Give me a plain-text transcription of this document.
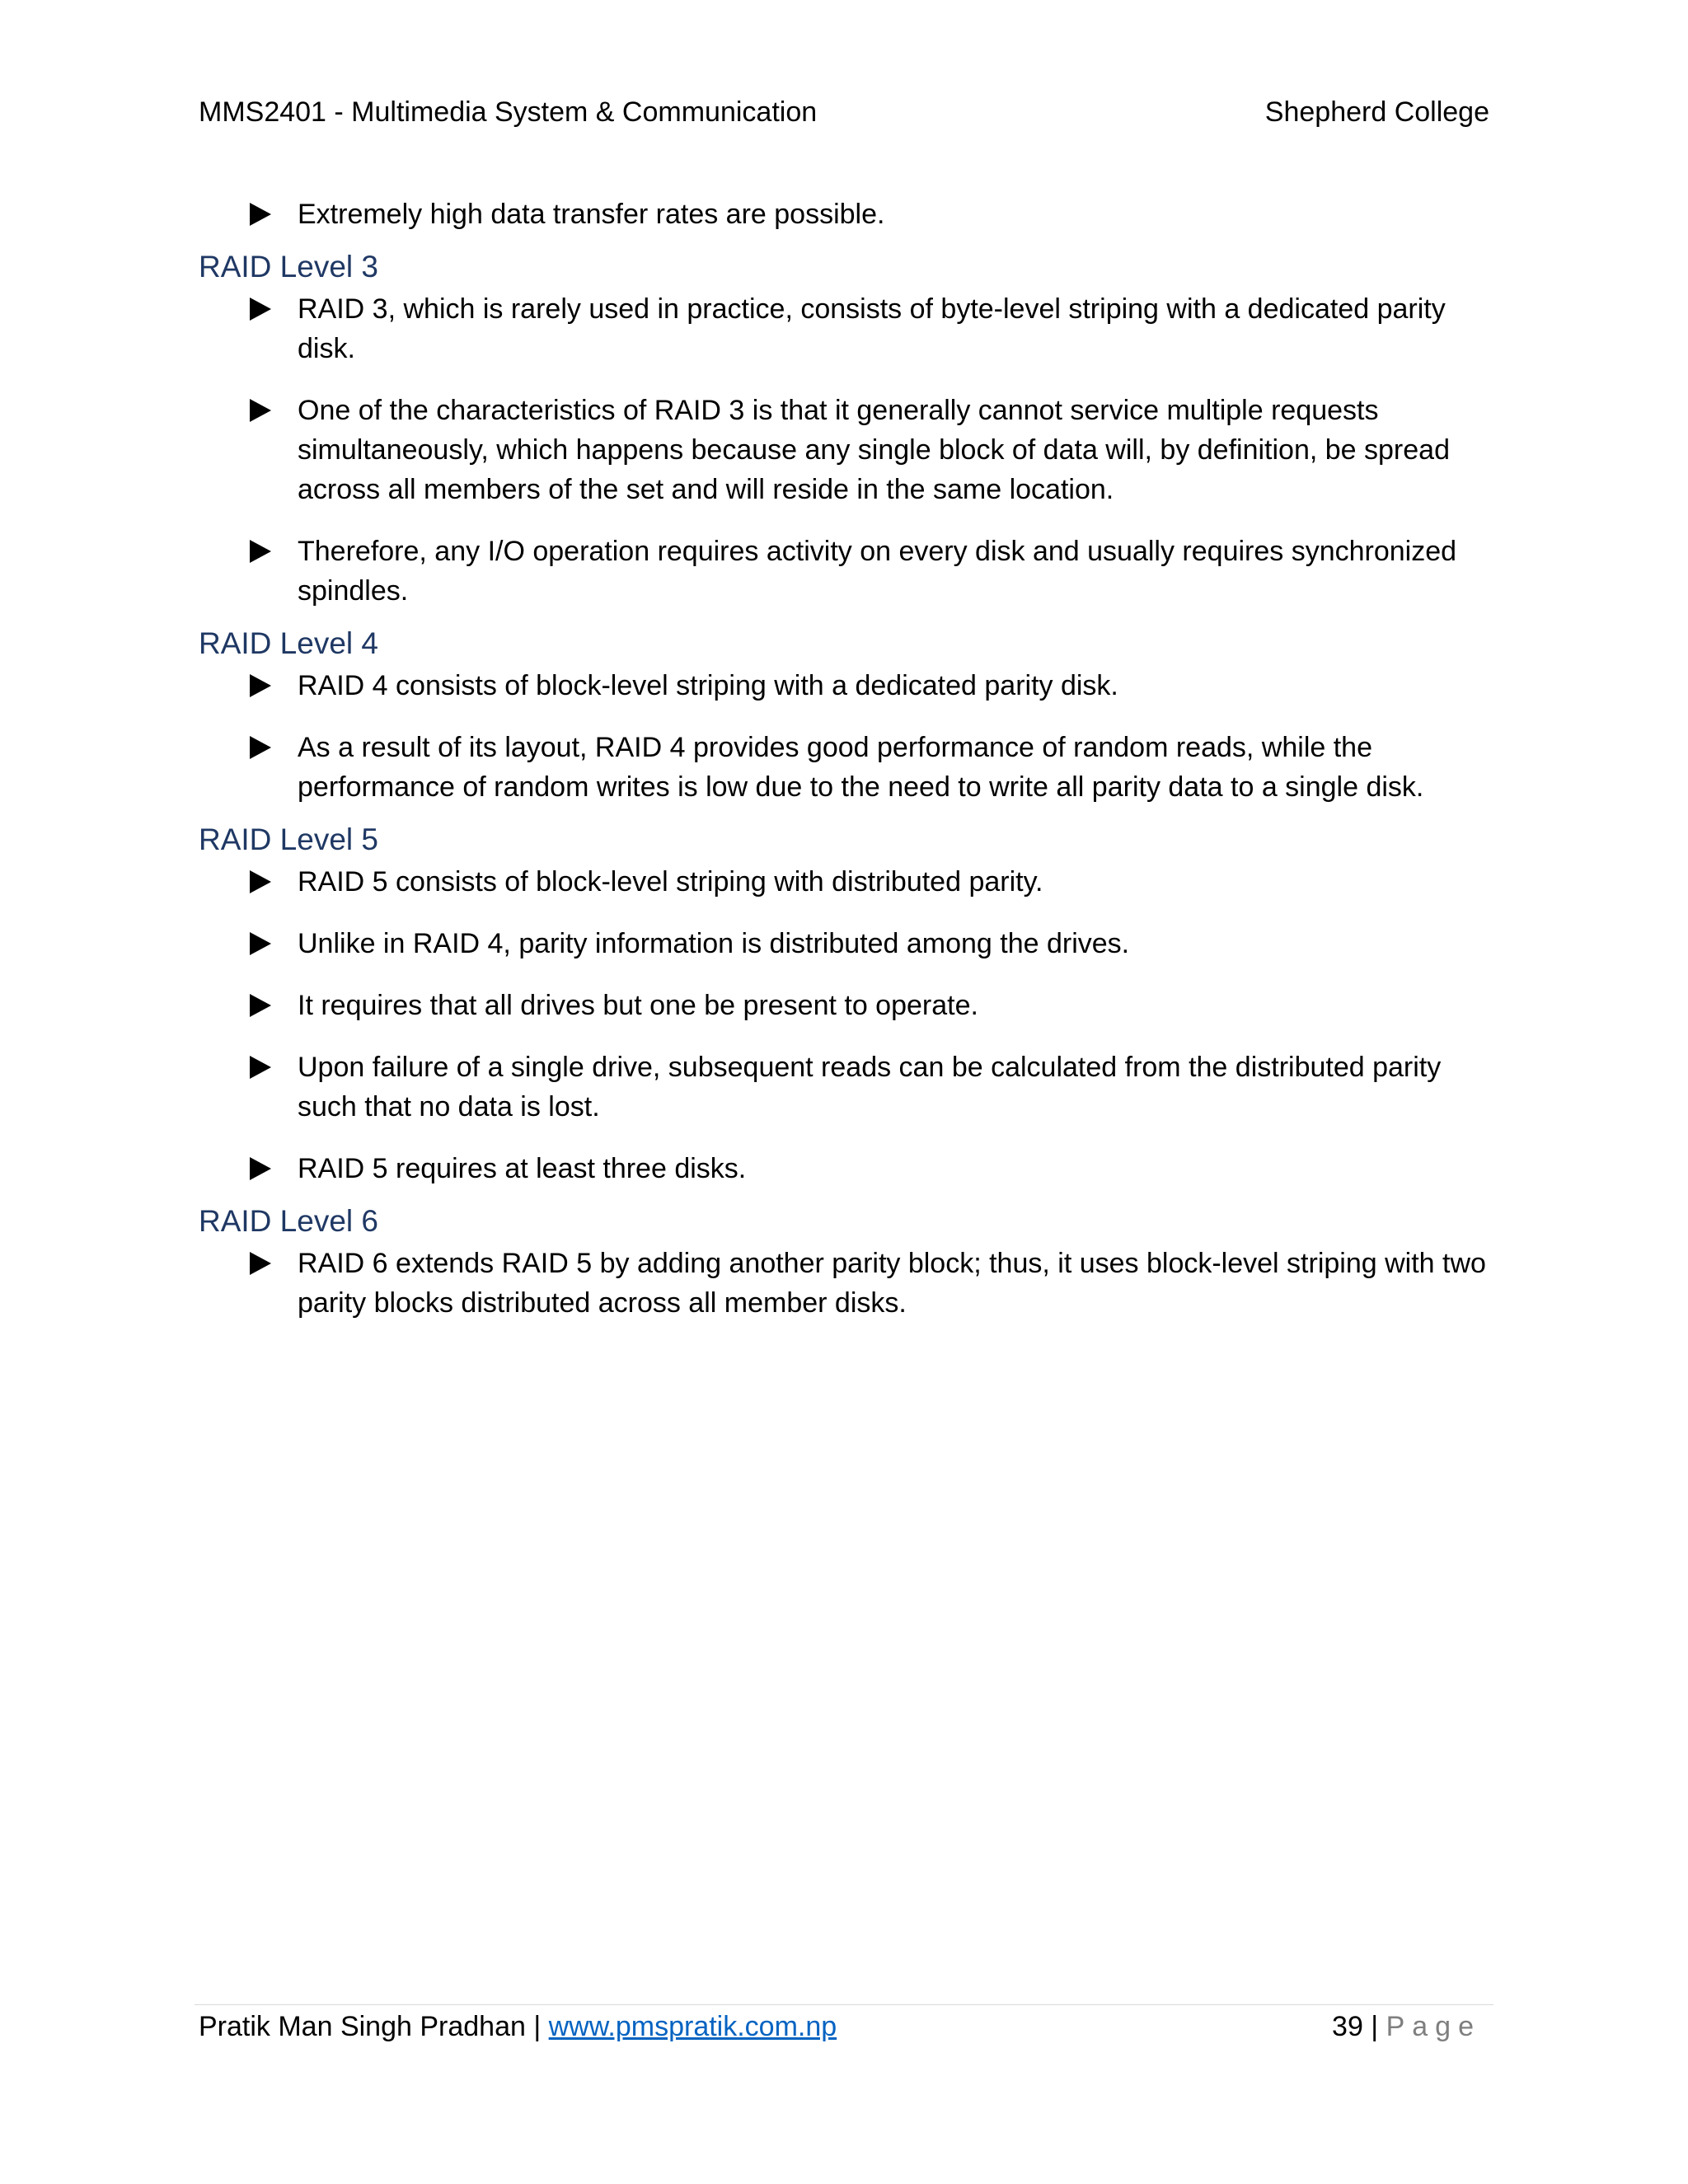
MMS2401 - Multimedia System & Communication	Shepherd College
Extremely high data transfer rates are possible.
RAID Level 3
RAID 3, which is rarely used in practice, consists of byte-level striping with a dedicated parity disk.
One of the characteristics of RAID 3 is that it generally cannot service multiple requests simultaneously, which happens because any single block of data will, by definition, be spread across all members of the set and will reside in the same location.
Therefore, any I/O operation requires activity on every disk and usually requires synchronized spindles.
RAID Level 4
RAID 4 consists of block-level striping with a dedicated parity disk.
As a result of its layout, RAID 4 provides good performance of random reads, while the performance of random writes is low due to the need to write all parity data to a single disk.
RAID Level 5
RAID 5 consists of block-level striping with distributed parity.
Unlike in RAID 4, parity information is distributed among the drives.
It requires that all drives but one be present to operate.
Upon failure of a single drive, subsequent reads can be calculated from the distributed parity such that no data is lost.
RAID 5 requires at least three disks.
RAID Level 6
RAID 6 extends RAID 5 by adding another parity block; thus, it uses block-level striping with two parity blocks distributed across all member disks.
Pratik Man Singh Pradhan | www.pmspratik.com.np	39 | Page
